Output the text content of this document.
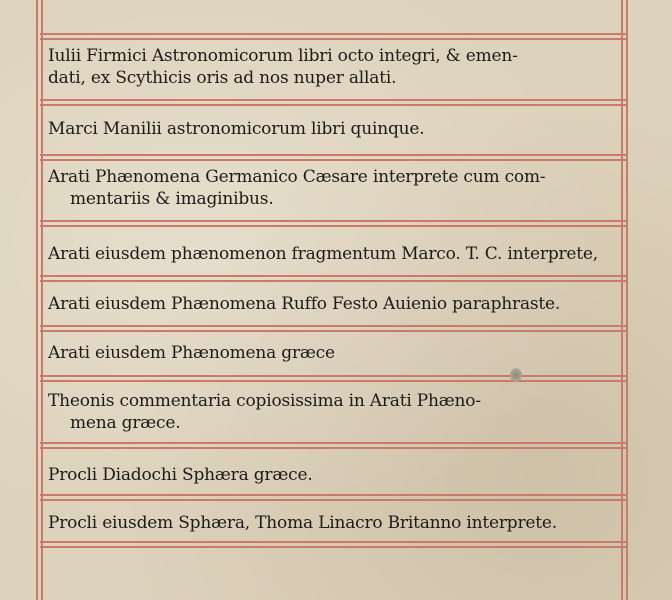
Iulii Firmici Astronomicorum libri octo integri, & emen-
dati, ex Scythicis oris ad nos nuper allati.
Marci Manilii astronomicorum libri quinque.
Arati Phænomena Germanico Cæsare interprete cum com-
mentariis & imaginibus.
Arati eiusdem phænomenon fragmentum Marco. T. C. interprete,
Arati eiusdem Phænomena Ruffo Festo Auienio paraphraste.
Arati eiusdem Phænomena græce
Theonis commentaria copiosissima in Arati Phæno-
mena græce.
Procli Diadochi Sphæra græce.
Procli eiusdem Sphæra, Thoma Linacro Britanno interprete.
